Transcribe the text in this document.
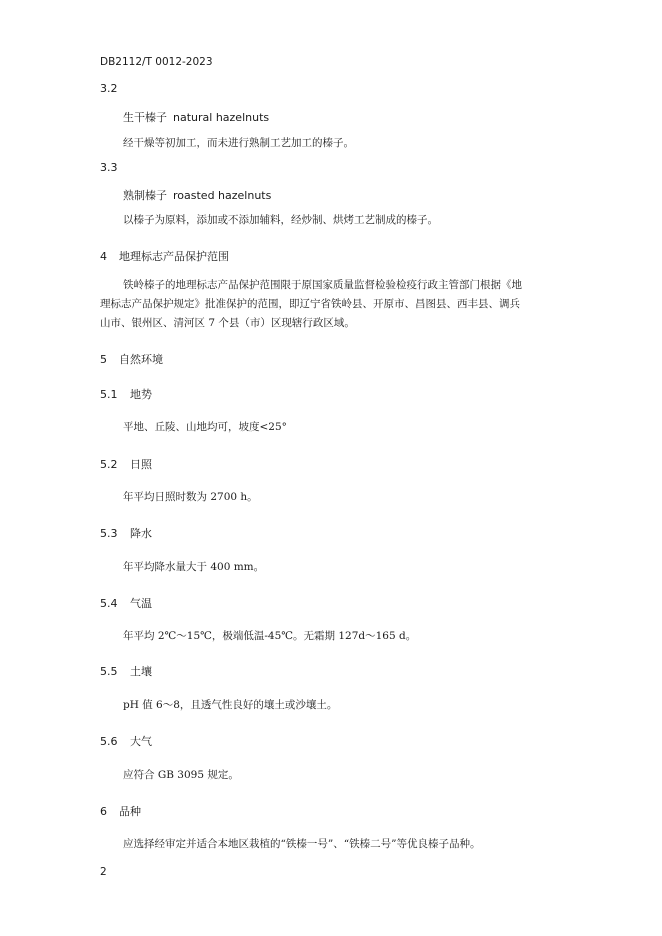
DB2112/T 0012-2023
3.2
生干榛子 natural hazelnuts
经干燥等初加工，而未进行熟制工艺加工的榛子。
3.3
熟制榛子 roasted hazelnuts
以榛子为原料，添加或不添加辅料，经炒制、烘烤工艺制成的榛子。
4 地理标志产品保护范围
铁岭榛子的地理标志产品保护范围限于原国家质量监督检验检疫行政主管部门根据《地
理标志产品保护规定》批准保护的范围，即辽宁省铁岭县、开原市、昌图县、西丰县、调兵
山市、银州区、清河区 7 个县（市）区现辖行政区域。
5 自然环境
5.1 地势
平地、丘陵、山地均可，坡度<25°
5.2 日照
年平均日照时数为 2700 h。
5.3 降水
年平均降水量大于 400 mm。
5.4 气温
年平均 2℃～15℃，极端低温-45℃。无霜期 127d～165 d。
5.5 土壤
pH 值 6～8，且透气性良好的壤土或沙壤土。
5.6 大气
应符合 GB 3095 规定。
6 品种
应选择经审定并适合本地区栽植的“铁榛一号”、“铁榛二号”等优良榛子品种。
2
